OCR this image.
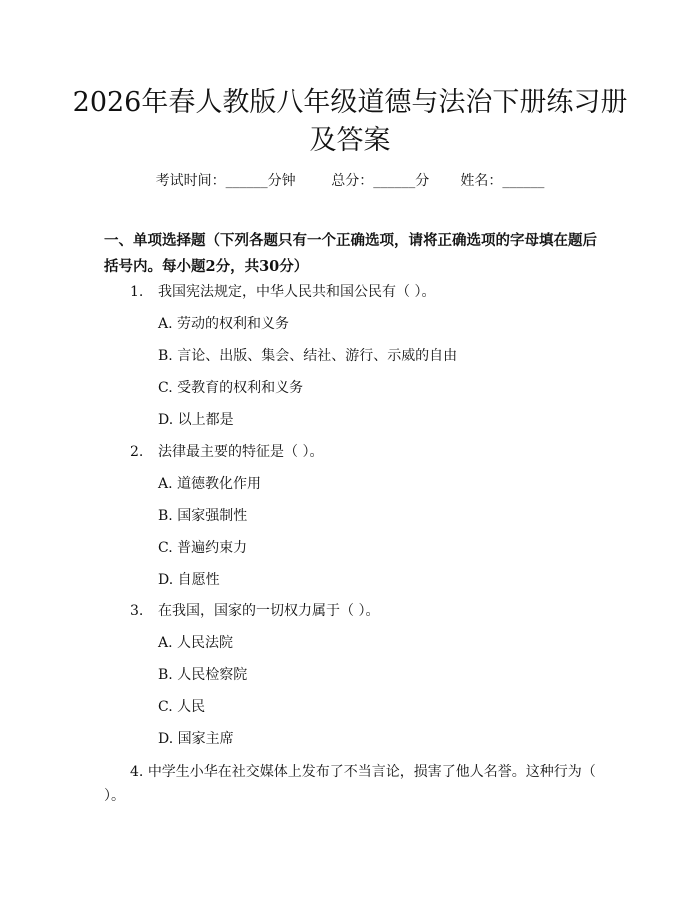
2026年春人教版八年级道德与法治下册练习册及答案
考试时间：______分钟	总分：______分 姓名：______

一、单项选择题（下列各题只有一个正确选项，请将正确选项的字母填在题后括号内。每小题2分，共30分）

1. 我国宪法规定，中华人民共和国公民有（ ）。
A. 劳动的权利和义务
B. 言论、出版、集会、结社、游行、示威的自由
C. 受教育的权利和义务
D. 以上都是
2. 法律最主要的特征是（ ）。
A. 道德教化作用
B. 国家强制性
C. 普遍约束力
D. 自愿性
3. 在我国，国家的一切权力属于（ ）。
A. 人民法院
B. 人民检察院
C. 人民
D. 国家主席

4. 中学生小华在社交媒体上发布了不当言论，损害了他人名誉。这种行为（ ）。
